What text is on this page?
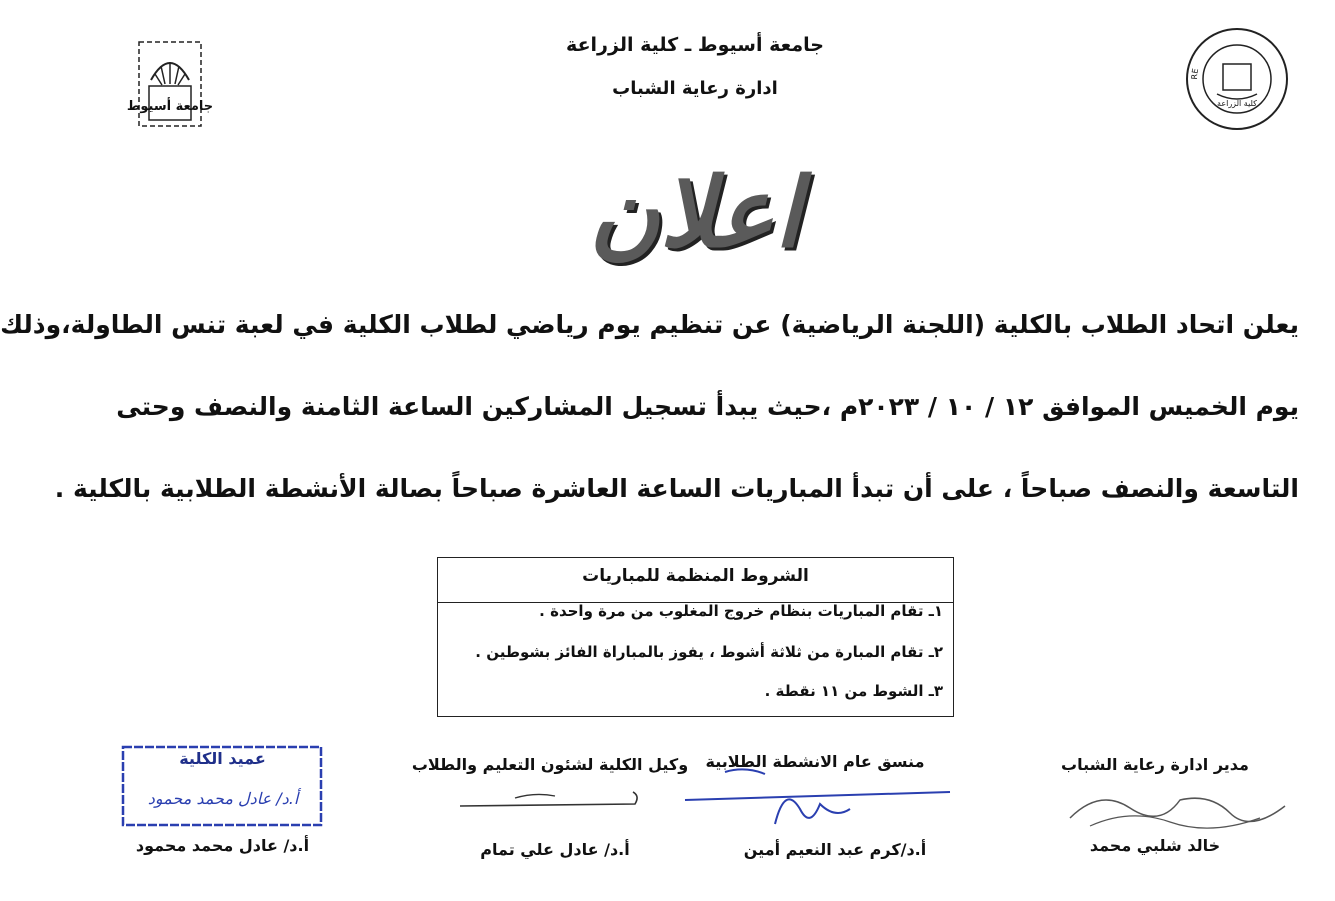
جامعة أسيوط
RE
كلية الزراعة
جامعة أسيوط ـ كلية الزراعة
ادارة رعاية الشباب
اعلان
يعلن اتحاد الطلاب بالكلية (اللجنة الرياضية) عن تنظيم يوم رياضي لطلاب الكلية في لعبة تنس الطاولة،وذلك
يوم الخميس الموافق ١٢ / ١٠ / ٢٠٢٣م ،حيث يبدأ تسجيل المشاركين الساعة الثامنة والنصف وحتى
التاسعة والنصف صباحاً ، على أن تبدأ المباريات الساعة العاشرة صباحاً بصالة الأنشطة الطلابية بالكلية .
الشروط المنظمة للمباريات
١ـ تقام المباريات بنظام خروج المغلوب من مرة واحدة .
٢ـ تقام المبارة من ثلاثة أشوط ، يفوز بالمباراة الفائز بشوطين .
٣ـ الشوط من ١١ نقطة .
مدير ادارة رعاية الشباب
خالد شلبي محمد
منسق عام الانشطة الطلابية
أ.د/كرم عبد النعيم أمين
وكيل الكلية لشئون التعليم والطلاب
أ.د/ عادل علي تمام
عميد الكلية
أ.د/ عادل محمد محمود
أ.د/ عادل محمد محمود
